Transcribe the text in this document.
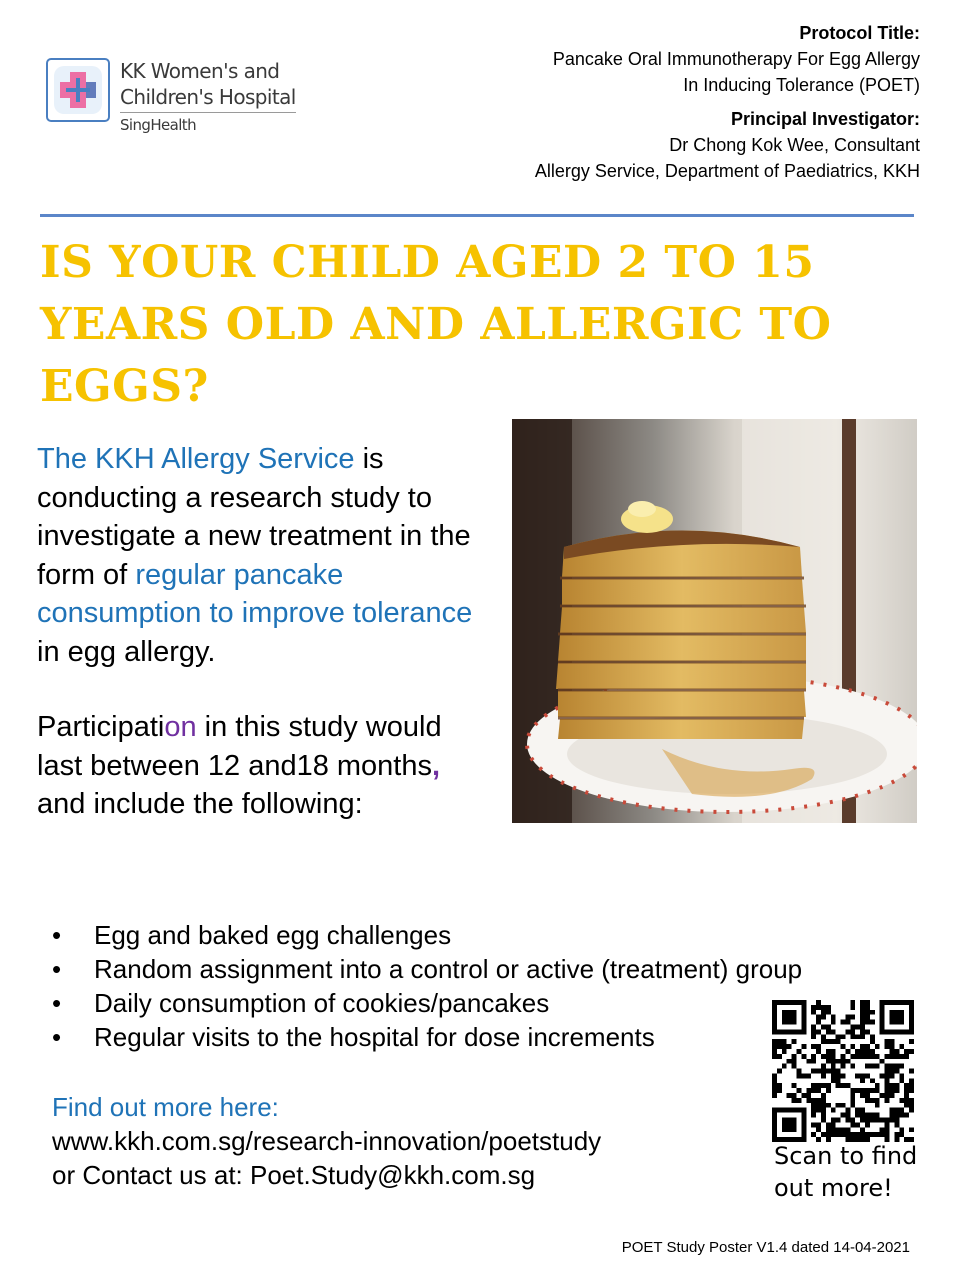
KK Women's and
Children's Hospital
SingHealth
Protocol Title:
Pancake Oral Immunotherapy For Egg Allergy
In Inducing Tolerance (POET)
Principal Investigator:
Dr Chong Kok Wee, Consultant
Allergy Service, Department of Paediatrics, KKH
IS YOUR CHILD AGED 2 TO 15
YEARS OLD AND ALLERGIC TO
EGGS?
The KKH Allergy Service is conducting a research study to investigate a new treatment in the form of regular pancake consumption to improve tolerance in egg allergy.
Participation in this study would last between 12 and18 months, and include the following:
•	Egg and baked egg challenges
•	Random assignment into a control or active (treatment) group
•	Daily consumption of cookies/pancakes
•	Regular visits to the hospital for dose increments
Find out more here:
www.kkh.com.sg/research-innovation/poetstudy
or Contact us at: Poet.Study@kkh.com.sg
Scan to find
out more!
POET Study Poster V1.4 dated 14-04-2021
